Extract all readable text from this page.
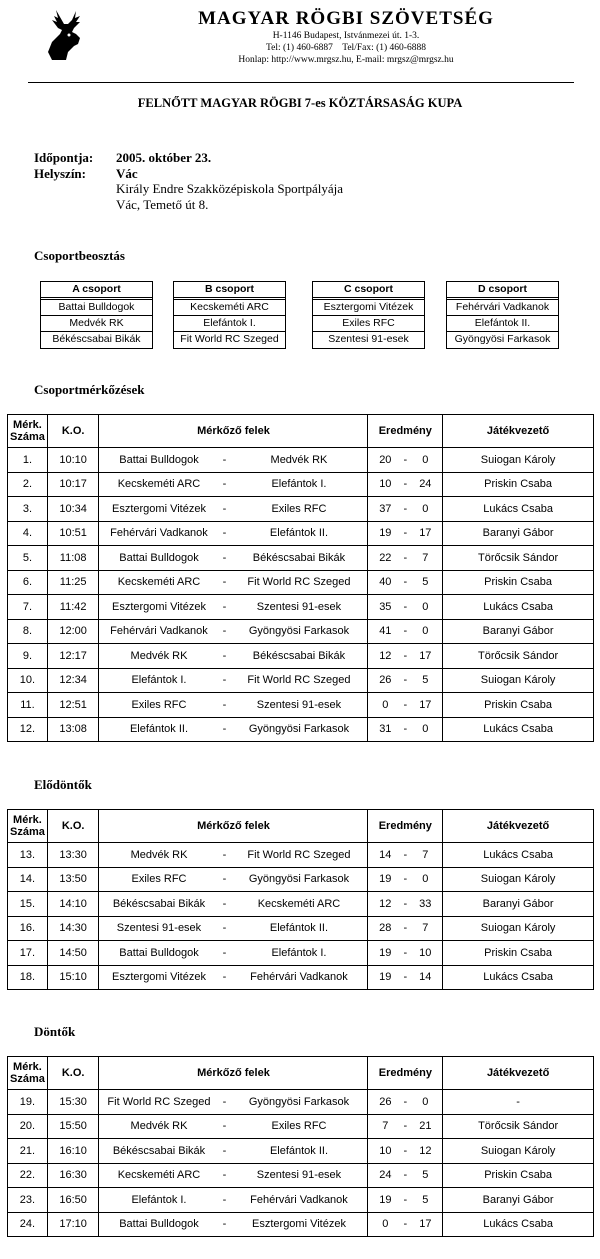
MAGYAR RÖGBI SZÖVETSÉG
H-1146 Budapest, Istvánmezei út. 1-3.
Tel: (1) 460-6887    Tel/Fax: (1) 460-6888
Honlap: http://www.mrgsz.hu, E-mail: mrgsz@mrgsz.hu
FELNŐTT MAGYAR RÖGBI 7-es KÖZTÁRSASÁG KUPA
Időpontja:	2005. október 23.
Helyszín:	Vác
Király Endre Szakközépiskola Sportpályája
Vác, Temető út 8.
Csoportbeosztás
A csoport
Battai Bulldogok
Medvék RK
Békéscsabai Bikák
B csoport
Kecskeméti ARC
Elefántok I.
Fit World RC Szeged
C csoport
Esztergomi Vitézek
Exiles RFC
Szentesi 91-esek
D csoport
Fehérvári Vadkanok
Elefántok II.
Gyöngyösi Farkasok
Csoportmérkőzések
Mérk. Száma	K.O.	Mérkőző felek	Eredmény	Játékvezető
1.	10:10	Battai Bulldogok - Medvék RK	20 - 0	Suiogan Károly
2.	10:17	Kecskeméti ARC - Elefántok I.	10 - 24	Priskin Csaba
3.	10:34	Esztergomi Vitézek - Exiles RFC	37 - 0	Lukács Csaba
4.	10:51	Fehérvári Vadkanok - Elefántok II.	19 - 17	Baranyi Gábor
5.	11:08	Battai Bulldogok - Békéscsabai Bikák	22 - 7	Törőcsik Sándor
6.	11:25	Kecskeméti ARC - Fit World RC Szeged	40 - 5	Priskin Csaba
7.	11:42	Esztergomi Vitézek - Szentesi 91-esek	35 - 0	Lukács Csaba
8.	12:00	Fehérvári Vadkanok - Gyöngyösi Farkasok	41 - 0	Baranyi Gábor
9.	12:17	Medvék RK - Békéscsabai Bikák	12 - 17	Törőcsik Sándor
10.	12:34	Elefántok I. - Fit World RC Szeged	26 - 5	Suiogan Károly
11.	12:51	Exiles RFC - Szentesi 91-esek	0 - 17	Priskin Csaba
12.	13:08	Elefántok II. - Gyöngyösi Farkasok	31 - 0	Lukács Csaba
Elődöntők
Mérk. Száma	K.O.	Mérkőző felek	Eredmény	Játékvezető
13.	13:30	Medvék RK - Fit World RC Szeged	14 - 7	Lukács Csaba
14.	13:50	Exiles RFC - Gyöngyösi Farkasok	19 - 0	Suiogan Károly
15.	14:10	Békéscsabai Bikák - Kecskeméti ARC	12 - 33	Baranyi Gábor
16.	14:30	Szentesi 91-esek - Elefántok II.	28 - 7	Suiogan Károly
17.	14:50	Battai Bulldogok - Elefántok I.	19 - 10	Priskin Csaba
18.	15:10	Esztergomi Vitézek - Fehérvári Vadkanok	19 - 14	Lukács Csaba
Döntők
Mérk. Száma	K.O.	Mérkőző felek	Eredmény	Játékvezető
19.	15:30	Fit World RC Szeged - Gyöngyösi Farkasok	26 - 0	-
20.	15:50	Medvék RK - Exiles RFC	7 - 21	Törőcsik Sándor
21.	16:10	Békéscsabai Bikák - Elefántok II.	10 - 12	Suiogan Károly
22.	16:30	Kecskeméti ARC - Szentesi 91-esek	24 - 5	Priskin Csaba
23.	16:50	Elefántok I. - Fehérvári Vadkanok	19 - 5	Baranyi Gábor
24.	17:10	Battai Bulldogok - Esztergomi Vitézek	0 - 17	Lukács Csaba
